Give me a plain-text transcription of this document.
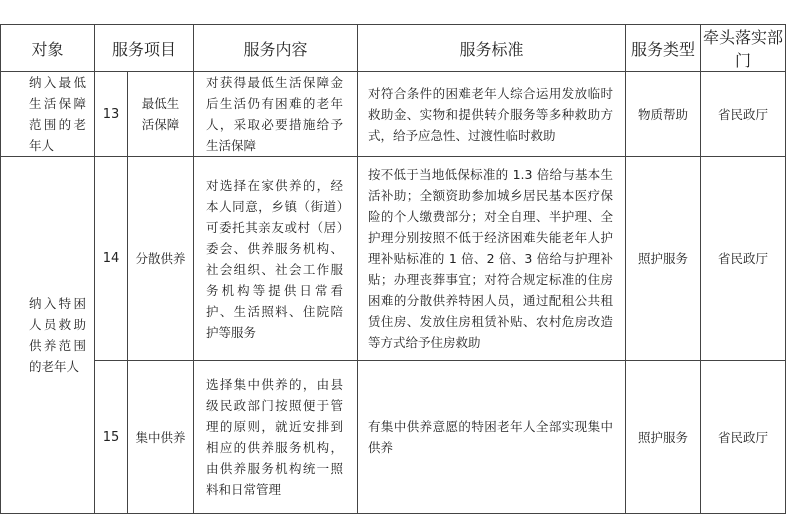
对象	服务项目		服务内容	服务标准	服务类型	牵头落实部门
纳入最低生活保障范围的老年人	13	最低生活保障	对获得最低生活保障金后生活仍有困难的老年人，采取必要措施给予生活保障	对符合条件的困难老年人综合运用发放临时救助金、实物和提供转介服务等多种救助方式，给予应急性、过渡性临时救助	物质帮助	省民政厅
纳入特困人员救助供养范围的老年人	14	分散供养	对选择在家供养的，经本人同意，乡镇（街道）可委托其亲友或村（居）委会、供养服务机构、社会组织、社会工作服务机构等提供日常看护、生活照料、住院陪护等服务	按不低于当地低保标准的 1.3 倍给与基本生活补助；全额资助参加城乡居民基本医疗保险的个人缴费部分；对全自理、半护理、全护理分别按照不低于经济困难失能老年人护理补贴标准的 1 倍、2 倍、3 倍给与护理补贴；办理丧葬事宜；对符合规定标准的住房困难的分散供养特困人员，通过配租公共租赁住房、发放住房租赁补贴、农村危房改造等方式给予住房救助	照护服务	省民政厅
	15	集中供养	选择集中供养的，由县级民政部门按照便于管理的原则，就近安排到相应的供养服务机构，由供养服务机构统一照料和日常管理	有集中供养意愿的特困老年人全部实现集中供养	照护服务	省民政厅
